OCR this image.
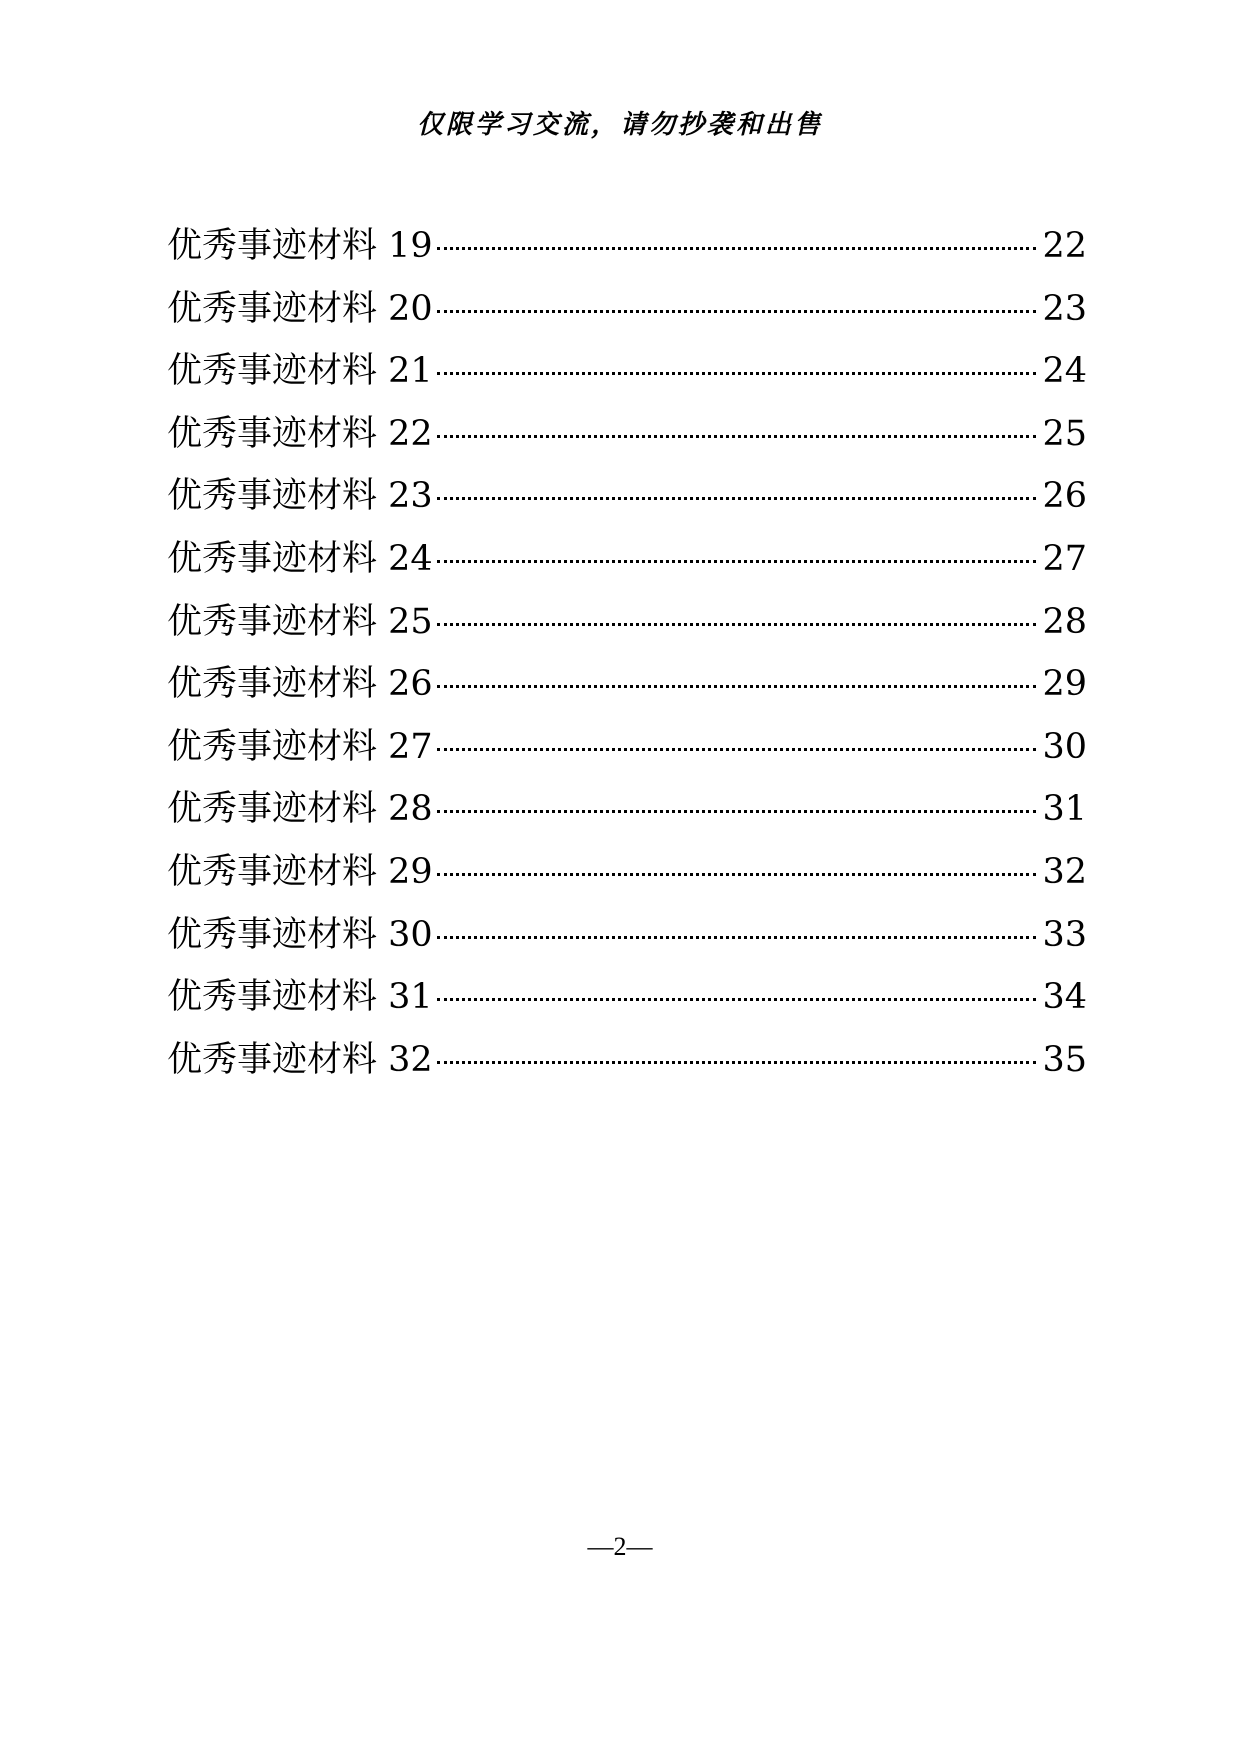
仅限学习交流，请勿抄袭和出售
优秀事迹材料 19	22
优秀事迹材料 20	23
优秀事迹材料 21	24
优秀事迹材料 22	25
优秀事迹材料 23	26
优秀事迹材料 24	27
优秀事迹材料 25	28
优秀事迹材料 26	29
优秀事迹材料 27	30
优秀事迹材料 28	31
优秀事迹材料 29	32
优秀事迹材料 30	33
优秀事迹材料 31	34
优秀事迹材料 32	35
—2—
